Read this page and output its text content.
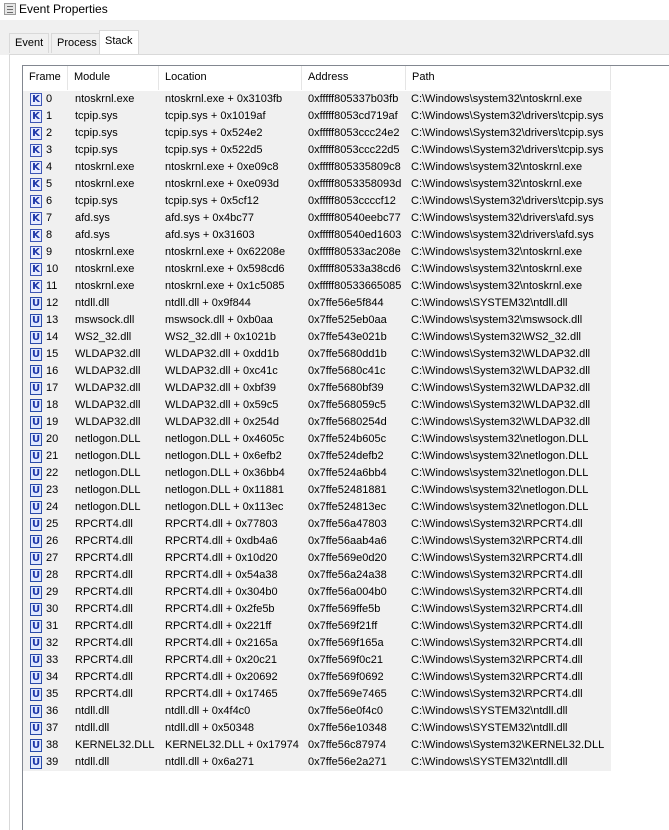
Event Properties
Event	Process Stack
Frame	Module	Location	Address	Path
K 0 ntoskrnl.exe	ntoskrnl.exe + 0x3103fb 0xfffff805337b03fb C:\Windows\system32\ntoskrnl.exe
K 1 tcpip.sys	tcpip.sys + 0x1019af	0xfffff8053cd719af C:\Windows\System32\drivers\tcpip.sys
K 2 tcpip.sys	tcpip.sys + 0x524e2	0xfffff8053ccc24e2 C:\Windows\System32\drivers\tcpip.sys
K 3 tcpip.sys	tcpip.sys + 0x522d5	0xfffff8053ccc22d5 C:\Windows\System32\drivers\tcpip.sys
K 4 ntoskrnl.exe	ntoskrnl.exe + 0xe09c8	0xfffff805335809c8 C:\Windows\system32\ntoskrnl.exe
K 5 ntoskrnl.exe	ntoskrnl.exe + 0xe093d	0xfffff8053358093d C:\Windows\system32\ntoskrnl.exe
K 6 tcpip.sys	tcpip.sys + 0x5cf12	0xfffff8053ccccf12 C:\Windows\System32\drivers\tcpip.sys
K 7 afd.sys	afd.sys + 0x4bc77	0xfffff80540eebc77 C:\Windows\system32\drivers\afd.sys
K 8 afd.sys	afd.sys + 0x31603	0xfffff80540ed1603 C:\Windows\system32\drivers\afd.sys
K 9 ntoskrnl.exe	ntoskrnl.exe + 0x62208e 0xfffff80533ac208e C:\Windows\system32\ntoskrnl.exe
K 10 ntoskrnl.exe	ntoskrnl.exe + 0x598cd6 0xfffff80533a38cd6 C:\Windows\system32\ntoskrnl.exe
K 11 ntoskrnl.exe	ntoskrnl.exe + 0x1c5085 0xfffff80533665085 C:\Windows\system32\ntoskrnl.exe
U 12 ntdll.dll	ntdll.dll + 0x9f844	0x7ffe56e5f844 C:\Windows\SYSTEM32\ntdll.dll
U 13 mswsock.dll	mswsock.dll + 0xb0aa	0x7ffe525eb0aa C:\Windows\system32\mswsock.dll
U 14 WS2_32.dll	WS2_32.dll + 0x1021b	0x7ffe543e021b C:\Windows\System32\WS2_32.dll
U 15 WLDAP32.dll WLDAP32.dll + 0xdd1b	0x7ffe5680dd1b C:\Windows\System32\WLDAP32.dll
U 16 WLDAP32.dll WLDAP32.dll + 0xc41c	0x7ffe5680c41c C:\Windows\System32\WLDAP32.dll
U 17 WLDAP32.dll WLDAP32.dll + 0xbf39	0x7ffe5680bf39 C:\Windows\System32\WLDAP32.dll
U 18 WLDAP32.dll WLDAP32.dll + 0x59c5	0x7ffe568059c5 C:\Windows\System32\WLDAP32.dll
U 19 WLDAP32.dll WLDAP32.dll + 0x254d	0x7ffe5680254d C:\Windows\System32\WLDAP32.dll
U 20 netlogon.DLL netlogon.DLL + 0x4605c 0x7ffe524b605c C:\Windows\system32\netlogon.DLL
U 21 netlogon.DLL netlogon.DLL + 0x6efb2 0x7ffe524defb2 C:\Windows\system32\netlogon.DLL
U 22 netlogon.DLL netlogon.DLL + 0x36bb4 0x7ffe524a6bb4 C:\Windows\system32\netlogon.DLL
U 23 netlogon.DLL netlogon.DLL + 0x11881 0x7ffe52481881 C:\Windows\system32\netlogon.DLL
U 24 netlogon.DLL netlogon.DLL + 0x113ec 0x7ffe524813ec C:\Windows\system32\netlogon.DLL
U 25 RPCRT4.dll	RPCRT4.dll + 0x77803	0x7ffe56a47803 C:\Windows\System32\RPCRT4.dll
U 26 RPCRT4.dll	RPCRT4.dll + 0xdb4a6	0x7ffe56aab4a6 C:\Windows\System32\RPCRT4.dll
U 27 RPCRT4.dll	RPCRT4.dll + 0x10d20	0x7ffe569e0d20 C:\Windows\System32\RPCRT4.dll
U 28 RPCRT4.dll	RPCRT4.dll + 0x54a38	0x7ffe56a24a38 C:\Windows\System32\RPCRT4.dll
U 29 RPCRT4.dll	RPCRT4.dll + 0x304b0	0x7ffe56a004b0 C:\Windows\System32\RPCRT4.dll
U 30 RPCRT4.dll	RPCRT4.dll + 0x2fe5b	0x7ffe569ffe5b	C:\Windows\System32\RPCRT4.dll
U 31 RPCRT4.dll	RPCRT4.dll + 0x221ff	0x7ffe569f21ff	C:\Windows\System32\RPCRT4.dll
U 32 RPCRT4.dll	RPCRT4.dll + 0x2165a	0x7ffe569f165a C:\Windows\System32\RPCRT4.dll
U 33 RPCRT4.dll	RPCRT4.dll + 0x20c21	0x7ffe569f0c21	C:\Windows\System32\RPCRT4.dll
U 34 RPCRT4.dll	RPCRT4.dll + 0x20692	0x7ffe569f0692 C:\Windows\System32\RPCRT4.dll
U 35 RPCRT4.dll	RPCRT4.dll + 0x17465	0x7ffe569e7465 C:\Windows\System32\RPCRT4.dll
U 36 ntdll.dll	ntdll.dll + 0x4f4c0	0x7ffe56e0f4c0	C:\Windows\SYSTEM32\ntdll.dll
U 37 ntdll.dll	ntdll.dll + 0x50348	0x7ffe56e10348 C:\Windows\SYSTEM32\ntdll.dll
U 38 KERNEL32.DLL KERNEL32.DLL + 0x17974 0x7ffe56c87974 C:\Windows\System32\KERNEL32.DLL
U 39 ntdll.dll	ntdll.dll + 0x6a271	0x7ffe56e2a271 C:\Windows\SYSTEM32\ntdll.dll
